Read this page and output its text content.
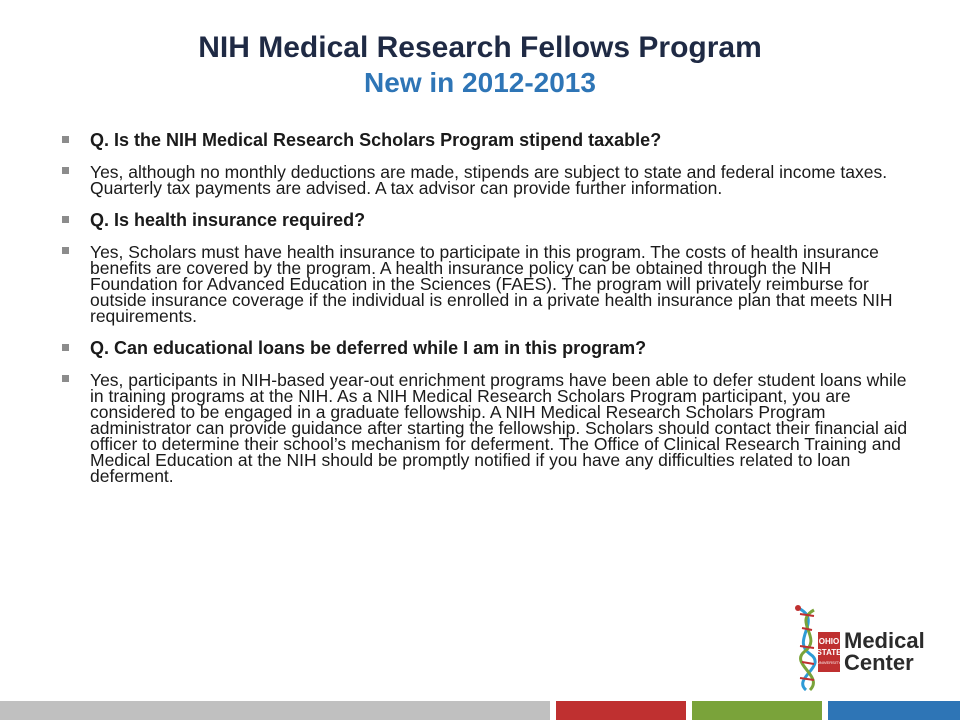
NIH Medical Research Fellows Program
New in 2012-2013
Q. Is the NIH Medical Research Scholars Program stipend taxable?
Yes, although no monthly deductions are made, stipends are subject to state and federal income taxes. Quarterly tax payments are advised. A tax advisor can provide further information.
Q. Is health insurance required?
Yes, Scholars must have health insurance to participate in this program. The costs of health insurance benefits are covered by the program. A health insurance policy can be obtained through the NIH Foundation for Advanced Education in the Sciences (FAES). The program will privately reimburse for outside insurance coverage if the individual is enrolled in a private health insurance plan that meets NIH requirements.
Q. Can educational loans be deferred while I am in this program?
Yes, participants in NIH-based year-out enrichment programs have been able to defer student loans while in training programs at the NIH. As a NIH Medical Research Scholars Program participant, you are considered to be engaged in a graduate fellowship. A NIH Medical Research Scholars Program administrator can provide guidance after starting the fellowship. Scholars should contact their financial aid officer to determine their school’s mechanism for deferment. The Office of Clinical Research Training and Medical Education at the NIH should be promptly notified if you have any difficulties related to loan deferment.
OHIO
STATE
UNIVERSITY
Medical
Center
